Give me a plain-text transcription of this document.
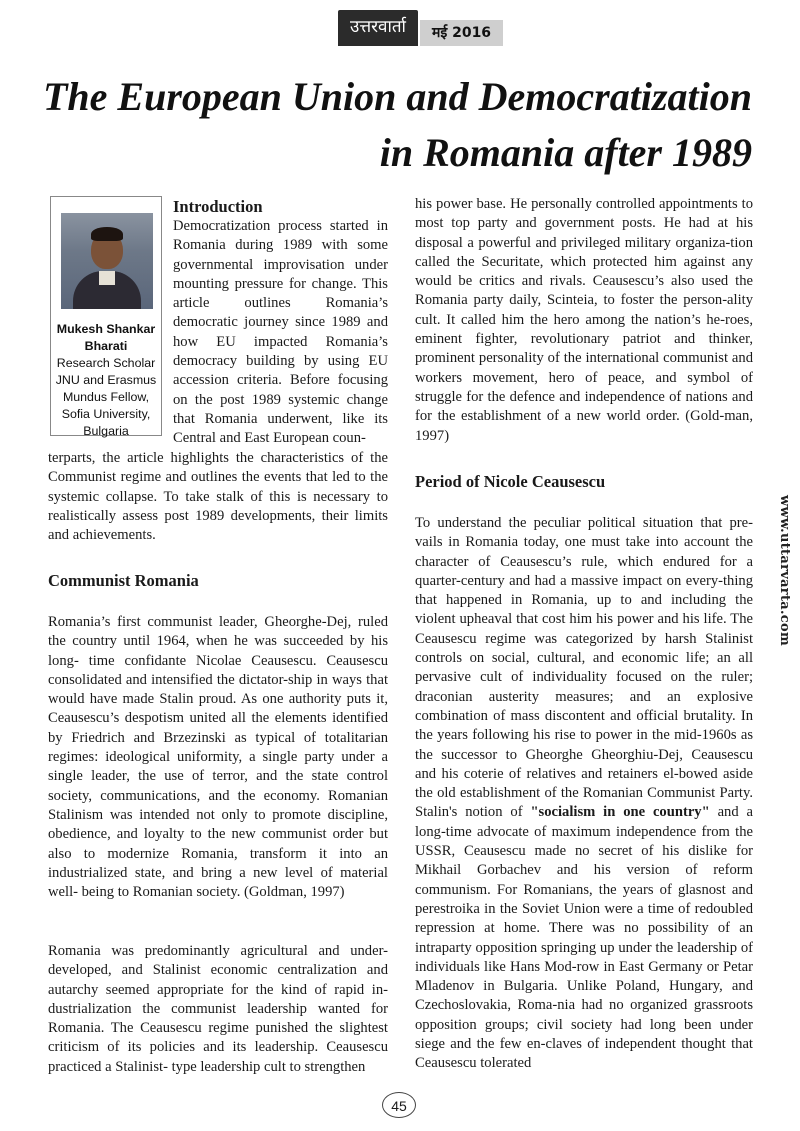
उत्तरवार्ता	मई 2016
The European Union and Democratization
in Romania after 1989
Mukesh Shankar Bharati
Research Scholar JNU and Erasmus Mundus Fellow, Sofia University, Bulgaria
Introduction

Democratization process started in Romania during 1989 with some governmental improvisation under mounting pressure for change. This article outlines Romania’s democratic journey since 1989 and how EU impacted Romania’s democracy building by using EU accession criteria. Before focusing on the post 1989 systemic change that Romania underwent, like its Central and East European coun-

terparts, the article highlights the characteristics of the Communist regime and outlines the events that led to the systemic collapse. To take stalk of this is necessary to realistically assess post 1989 developments, their limits and achievements.

Communist Romania

Romania’s first communist leader, Gheorghe-Dej, ruled the country until 1964, when he was succeeded by his long- time confidante Nicolae Ceausescu. Ceausescu consolidated and intensified the dictator-ship in ways that would have made Stalin proud. As one authority puts it, Ceausescu’s despotism united all the elements identified by Friedrich and Brzezinski as typical of totalitarian regimes: ideological uniformity, a single party under a single leader, the use of terror, and the state control society, communications, and the economy. Romanian Stalinism was intended not only to promote discipline, obedience, and loyalty to the new communist order but also to modernize Romania, transform it into an industrialized state, and bring a new level of material well- being to Romanian society. (Goldman, 1997)

Romania was predominantly agricultural and under-developed, and Stalinist economic centralization and autarchy seemed appropriate for the kind of rapid in-dustrialization the communist leadership wanted for Romania. The Ceausescu regime punished the slightest criticism of its policies and its leadership. Ceausescu practiced a Stalinist- type leadership cult to strengthen

his power base. He personally controlled appointments to most top party and government posts. He had at his disposal a powerful and privileged military organiza-tion called the Securitate, which protected him against any would be critics and rivals. Ceausescu’s also used the Romania party daily, Scinteia, to foster the person-ality cult. It called him the hero among the nation’s he-roes, eminent fighter, revolutionary patriot and thinker, prominent personality of the international communist and workers movement, hero of peace, and symbol of struggle for the defence and independence of nations and for the establishment of a new world order. (Gold-man, 1997)

Period of Nicole Ceausescu

To understand the peculiar political situation that pre-vails in Romania today, one must take into account the character of Ceausescu’s rule, which endured for a quarter-century and had a massive impact on every-thing that happened in Romania, up to and including the violent upheaval that cost him his power and his life. The Ceausescu regime was categorized by harsh Stalinist controls on social, cultural, and economic life; an all pervasive cult of individuality focused on the ruler; draconian austerity measures; and an explosive combination of mass discontent and official brutality. In the years following his rise to power in the mid-1960s as the successor to Gheorghe Gheorghiu-Dej, Ceausescu and his coterie of relatives and retainers el-bowed aside the old establishment of the Romanian Communist Party. Stalin's notion of "socialism in one country" and a long-time advocate of maximum independence from the USSR, Ceausescu made no secret of his dislike for Mikhail Gorbachev and his version of reform communism. For Romanians, the years of glasnost and perestroika in the Soviet Union were a time of redoubled repression at home. There was no possibility of an intraparty opposition springing up under the leadership of individuals like Hans Mod-row in East Germany or Petar Mladenov in Bulgaria. Unlike Poland, Hungary, and Czechoslovakia, Roma-nia had no organized grassroots opposition groups; civil society had long been under siege and the few en-claves of independent thought that Ceausescu tolerated

www.uttarvarta.com
45
